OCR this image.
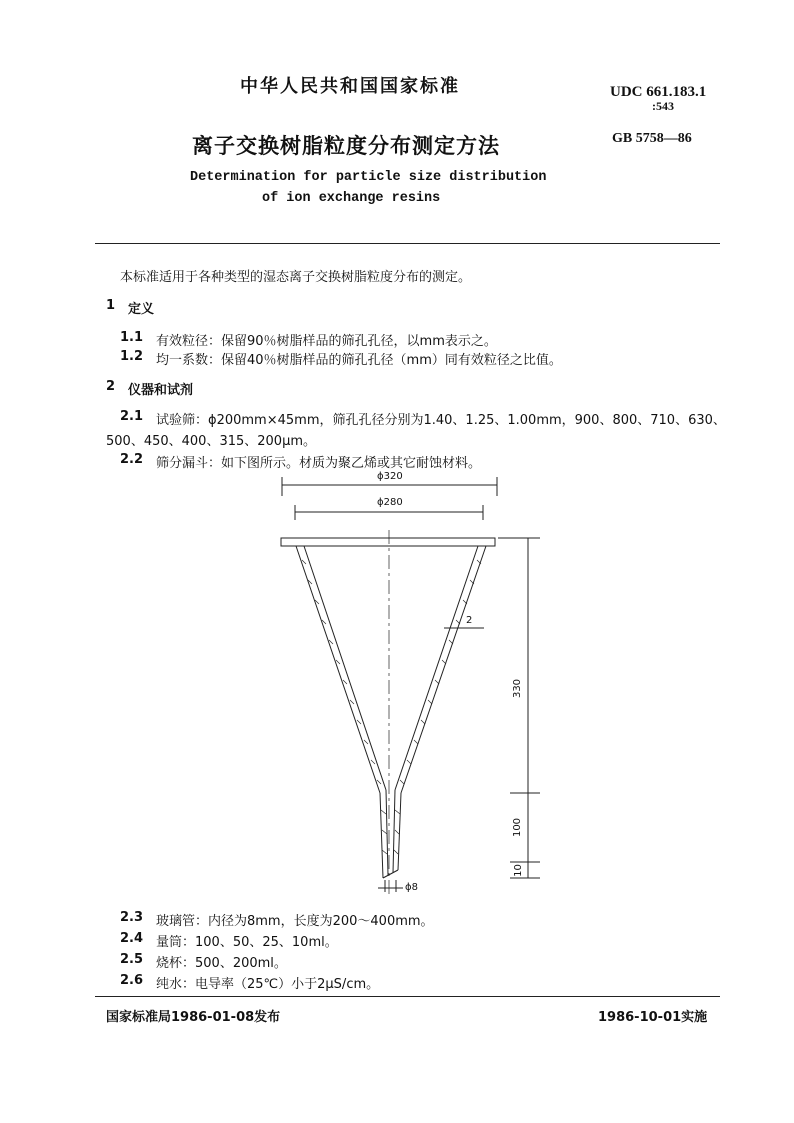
中华人民共和国国家标准	UDC 661.183.1
:543
离子交换树脂粒度分布测定方法	GB 5758—86
Determination for particle size distribution
of ion exchange resins
本标准适用于各种类型的湿态离子交换树脂粒度分布的测定。
1 定义
1.1 有效粒径：保留90％树脂样品的筛孔孔径，以mm表示之。
1.2 均一系数：保留40％树脂样品的筛孔孔径（mm）同有效粒径之比值。
2 仪器和试剂
2.1 试验筛：ϕ200mm×45mm，筛孔孔径分别为1.40、1.25、1.00mm，900、800、710、630、
500、450、400、315、200μm。
2.2 筛分漏斗：如下图所示。材质为聚乙烯或其它耐蚀材料。
ϕ320
ϕ280
2
330
100
10
ϕ8
2.3 玻璃管：内径为8mm，长度为200～400mm。
2.4 量筒：100、50、25、10ml。
2.5 烧杯：500、200ml。
2.6 纯水：电导率（25℃）小于2μS/cm。
国家标准局1986-01-08发布	1986-10-01实施
